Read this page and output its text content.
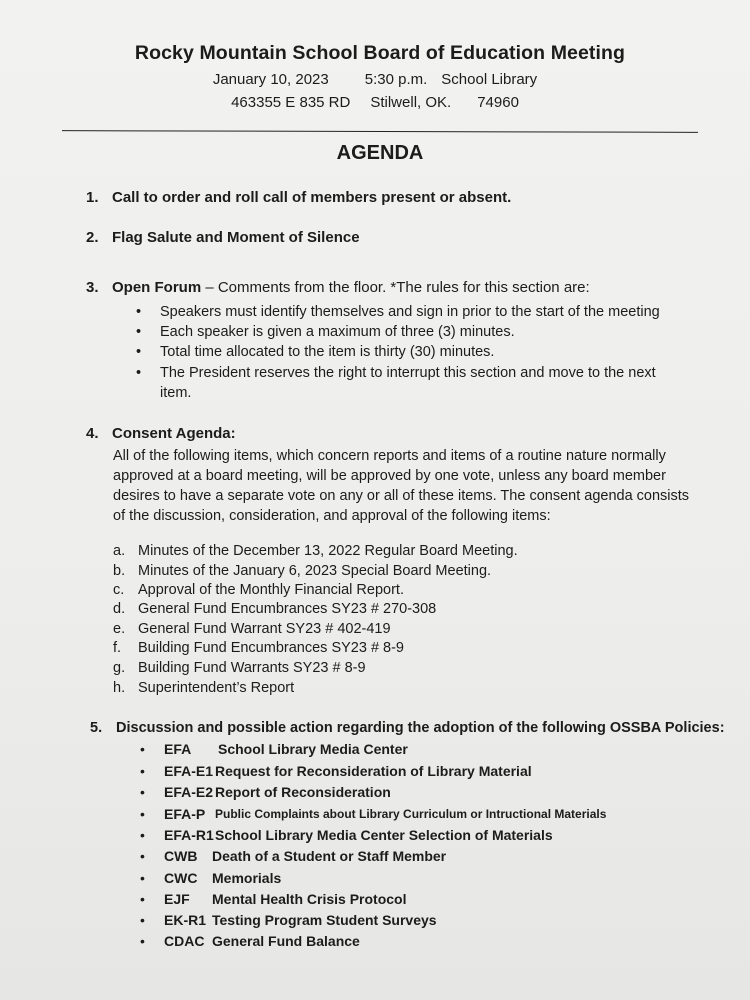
Rocky Mountain School Board of Education Meeting
January 10, 2023 5:30 p.m. School Library
463355 E 835 RD Stilwell, OK. 74960
AGENDA
1. Call to order and roll call of members present or absent.
2. Flag Salute and Moment of Silence
3. Open Forum – Comments from the floor. *The rules for this section are:
• Speakers must identify themselves and sign in prior to the start of the meeting
• Each speaker is given a maximum of three (3) minutes.
• Total time allocated to the item is thirty (30) minutes.
• The President reserves the right to interrupt this section and move to the next
item.
4. Consent Agenda:
All of the following items, which concern reports and items of a routine nature normally approved at a board meeting, will be approved by one vote, unless any board member desires to have a separate vote on any or all of these items. The consent agenda consists of the discussion, consideration, and approval of the following items:
a. Minutes of the December 13, 2022 Regular Board Meeting.
b. Minutes of the January 6, 2023 Special Board Meeting.
c. Approval of the Monthly Financial Report.
d. General Fund Encumbrances SY23 # 270-308
e. General Fund Warrant SY23 # 402-419
f. Building Fund Encumbrances SY23 # 8-9
g. Building Fund Warrants SY23 # 8-9
h. Superintendent’s Report
5. Discussion and possible action regarding the adoption of the following OSSBA Policies:
• EFA School Library Media Center
• EFA-E1 Request for Reconsideration of Library Material
• EFA-E2 Report of Reconsideration
• EFA-P Public Complaints about Library Curriculum or Intructional Materials
• EFA-R1 School Library Media Center Selection of Materials
• CWB Death of a Student or Staff Member
• CWC Memorials
• EJF Mental Health Crisis Protocol
• EK-R1 Testing Program Student Surveys
• CDAC General Fund Balance
